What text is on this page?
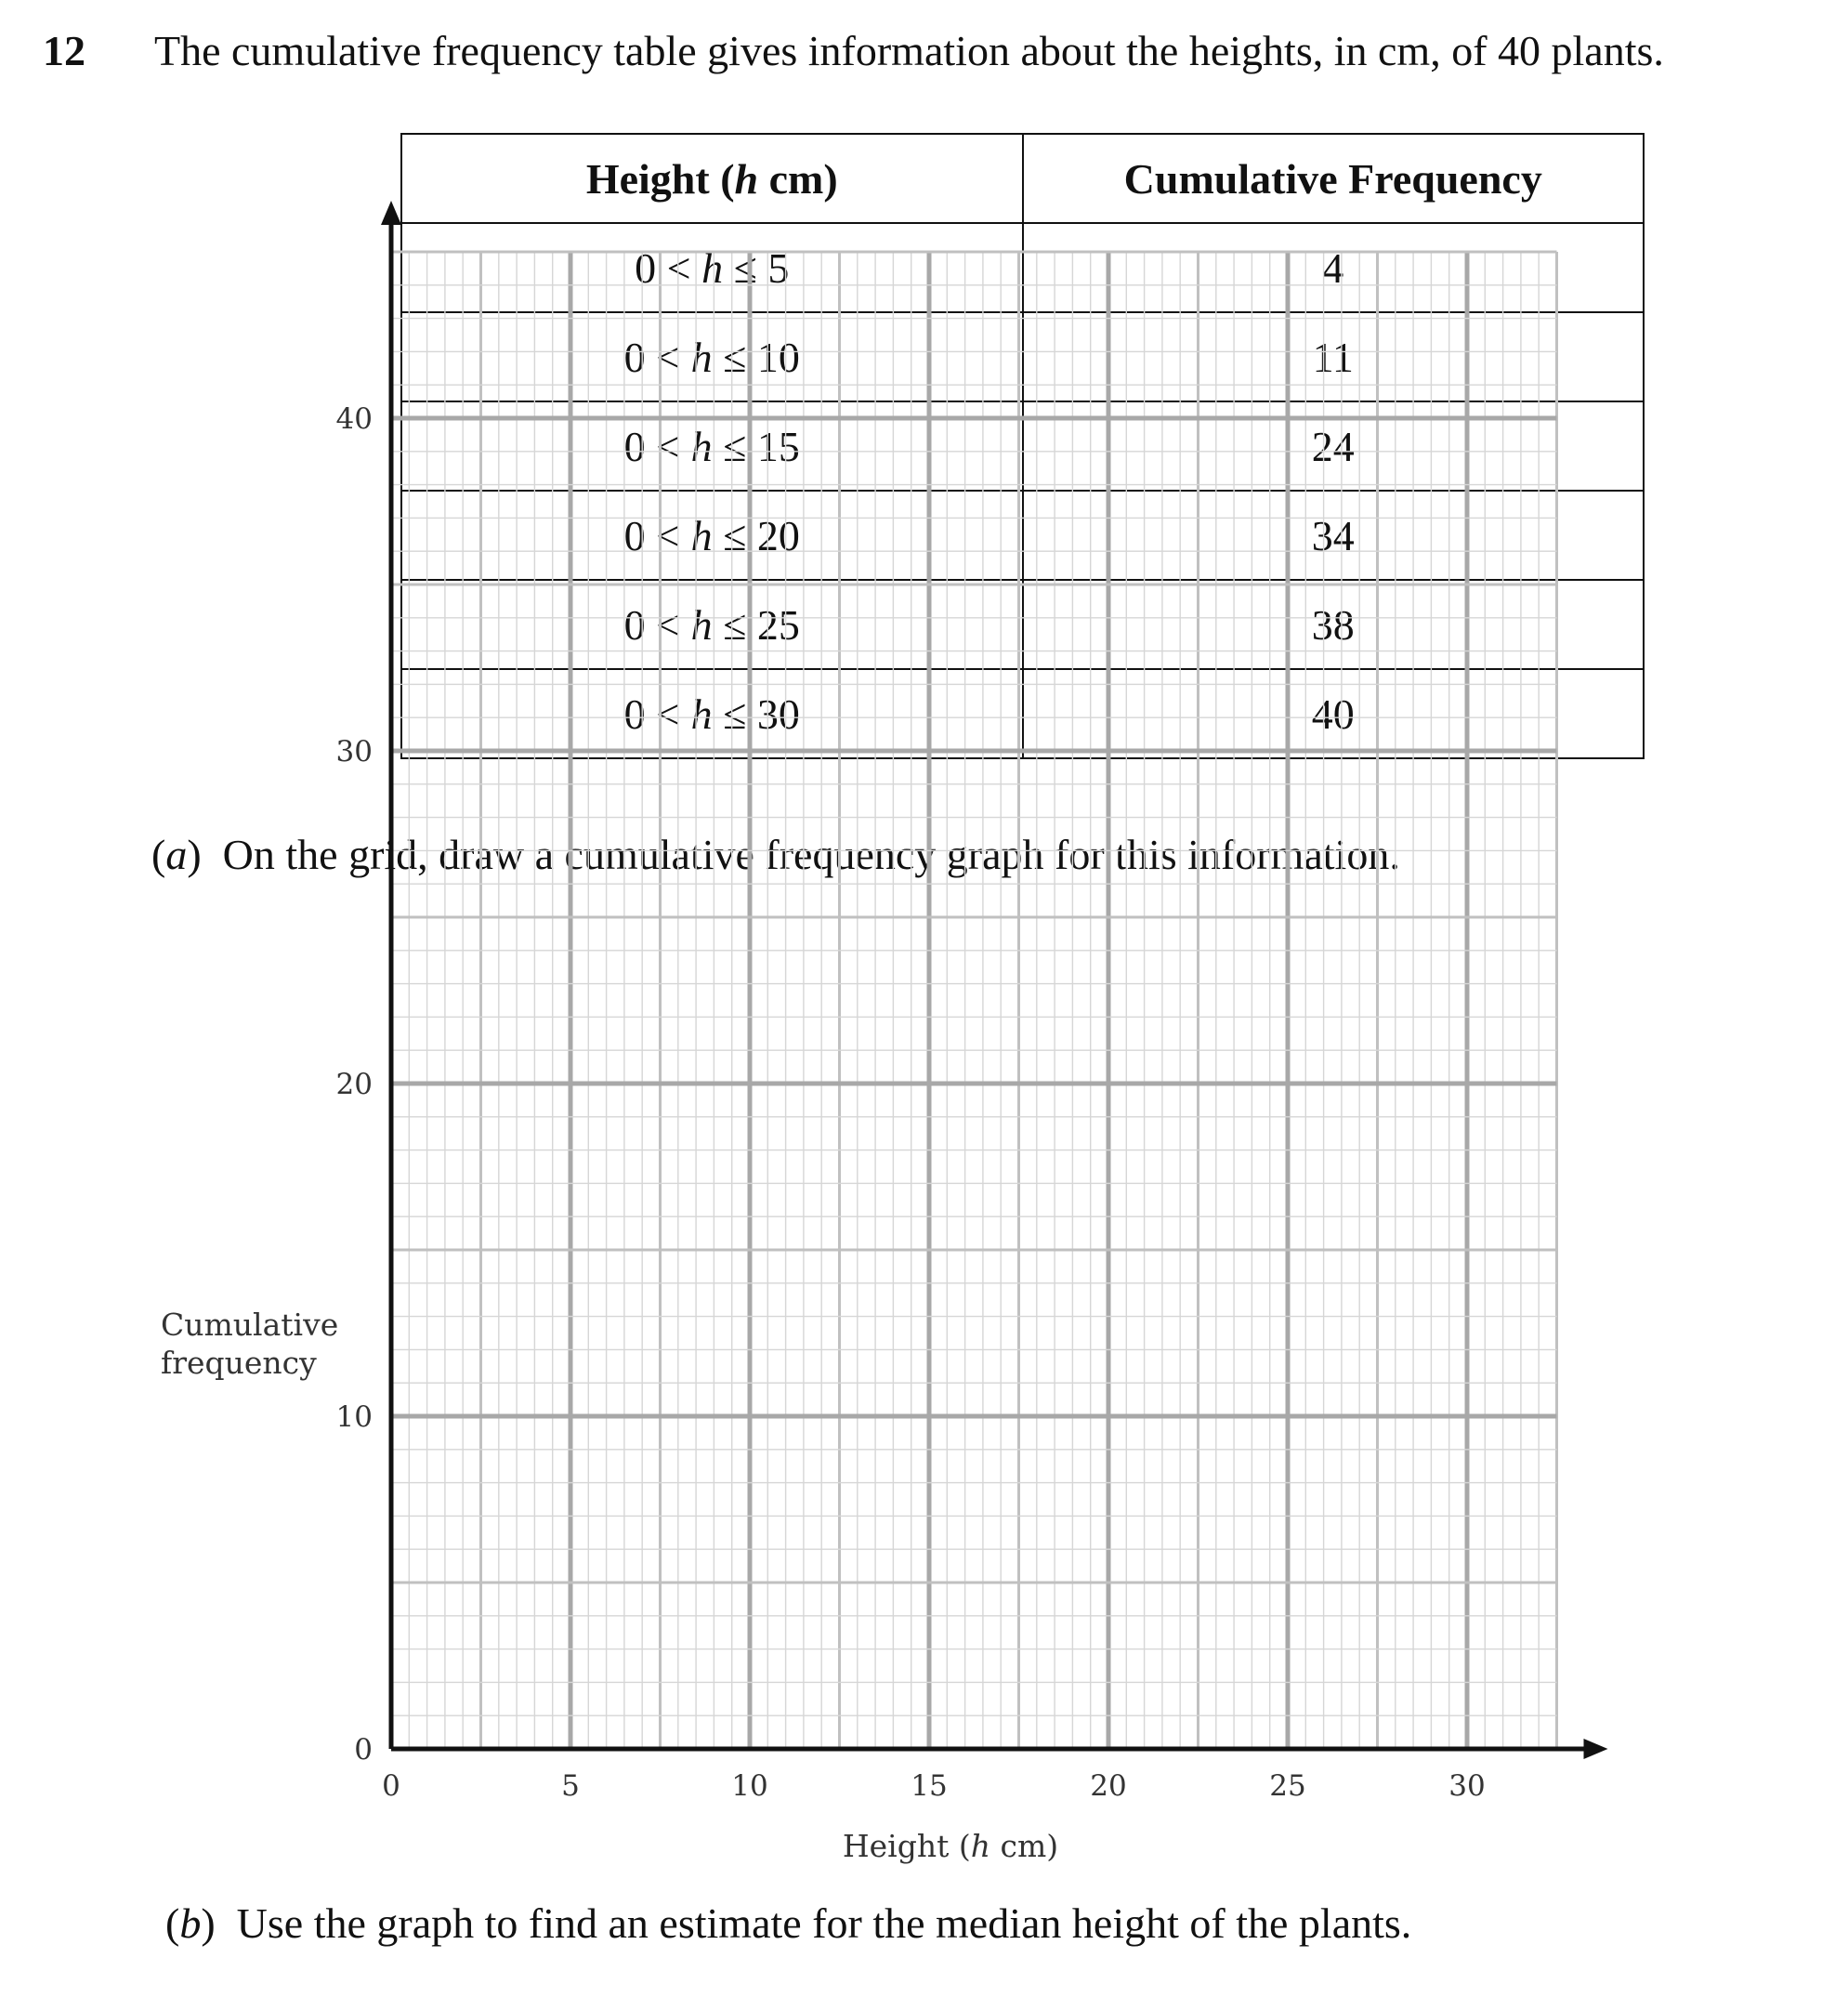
12 The cumulative frequency table gives information about the heights, in cm, of 40 plants.
Height (h cm)	Cumulative Frequency
0 < h ≤ 5	4
0 < h ≤ 10	11
0 < h ≤ 15	24
0 < h ≤ 20	34
0 < h ≤ 25	38
0 < h ≤ 30	40
(a) On the grid, draw a cumulative frequency graph for this information.
0	5	10	15	20	25	30
0
10
20
30
40
Cumulative
frequency
Height (h cm)
(b) Use the graph to find an estimate for the median height of the plants.
